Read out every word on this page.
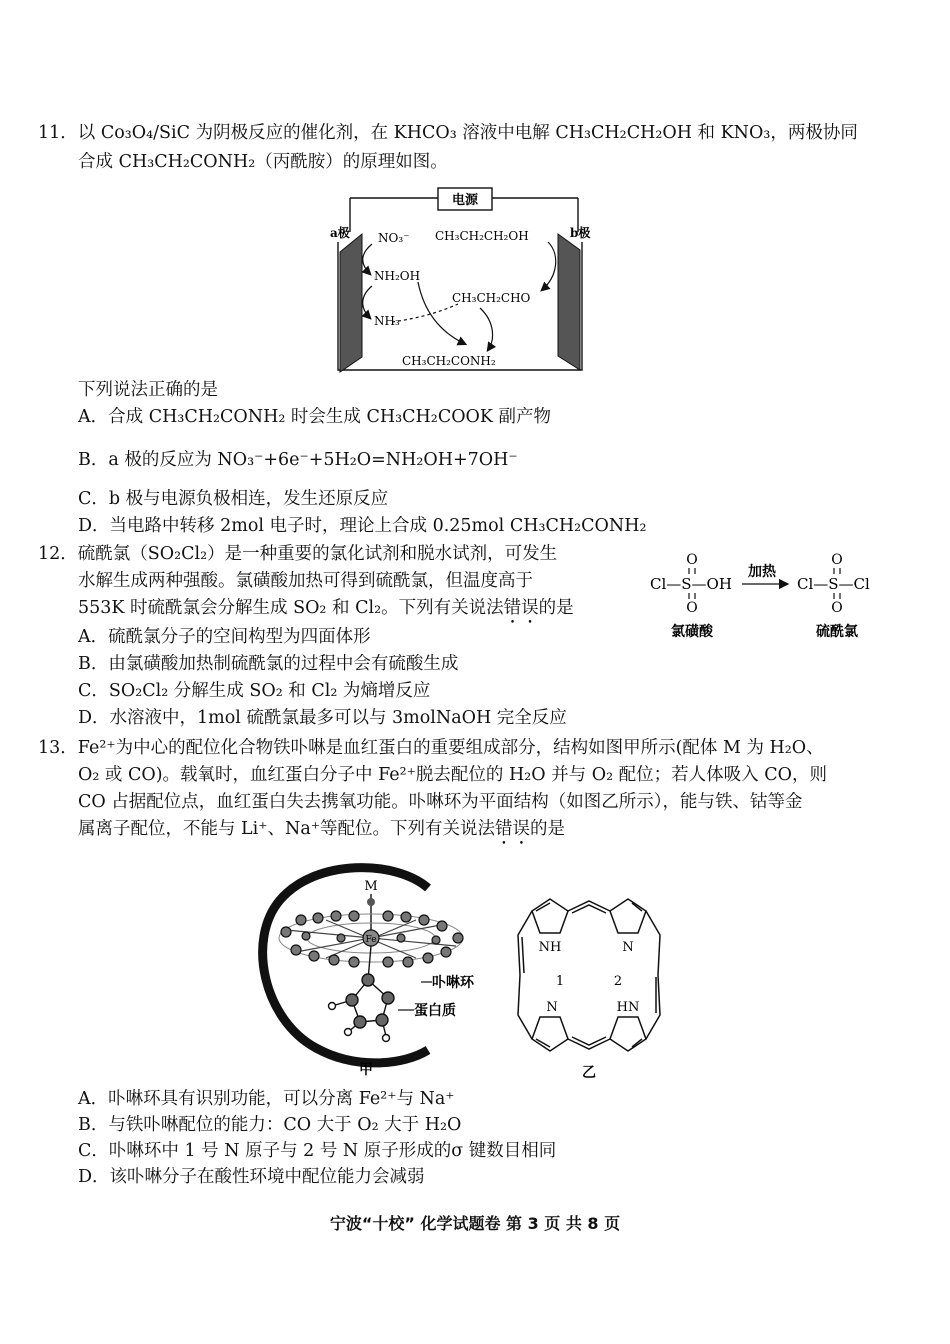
11．以 Co₃O₄/SiC 为阴极反应的催化剂，在 KHCO₃ 溶液中电解 CH₃CH₂CH₂OH 和 KNO₃，两极协同
合成 CH₃CH₂CONH₂（丙酰胺）的原理如图。
电源
a极	b极
NO₃⁻ CH₃CH₂CH₂OH
NH₂OH
CH₃CH₂CHO
NH₃
CH₃CH₂CONH₂
下列说法正确的是
A．合成 CH₃CH₂CONH₂ 时会生成 CH₃CH₂COOK 副产物
B．a 极的反应为 NO₃⁻+6e⁻+5H₂O=NH₂OH+7OH⁻
C．b 极与电源负极相连，发生还原反应
D．当电路中转移 2mol 电子时，理论上合成 0.25mol CH₃CH₂CONH₂
12．硫酰氯（SO₂Cl₂）是一种重要的氯化试剂和脱水试剂，可发生
水解生成两种强酸。氯磺酸加热可得到硫酰氯，但温度高于
553K 时硫酰氯会分解生成 SO₂ 和 Cl₂。下列有关说法错误的是
O
Cl—S—OH
O
加热
O
Cl—S—Cl
O
氯磺酸	硫酰氯
A．硫酰氯分子的空间构型为四面体形
B．由氯磺酸加热制硫酰氯的过程中会有硫酸生成
C．SO₂Cl₂ 分解生成 SO₂ 和 Cl₂ 为熵增反应
D．水溶液中，1mol 硫酰氯最多可以与 3molNaOH 完全反应
13．Fe²⁺为中心的配位化合物铁卟啉是血红蛋白的重要组成部分，结构如图甲所示(配体 M 为 H₂O、
O₂ 或 CO)。载氧时，血红蛋白分子中 Fe²⁺脱去配位的 H₂O 并与 O₂ 配位；若人体吸入 CO，则
CO 占据配位点，血红蛋白失去携氧功能。卟啉环为平面结构（如图乙所示），能与铁、钴等金
属离子配位，不能与 Li⁺、Na⁺等配位。下列有关说法错误的是
M
Fe
卟啉环
蛋白质
甲
NH	N
1	2
N	HN
乙
A．卟啉环具有识别功能，可以分离 Fe²⁺与 Na⁺
B．与铁卟啉配位的能力：CO 大于 O₂ 大于 H₂O
C．卟啉环中 1 号 N 原子与 2 号 N 原子形成的σ 键数目相同
D．该卟啉分子在酸性环境中配位能力会减弱
宁波“十校” 化学试题卷 第 3 页 共 8 页
